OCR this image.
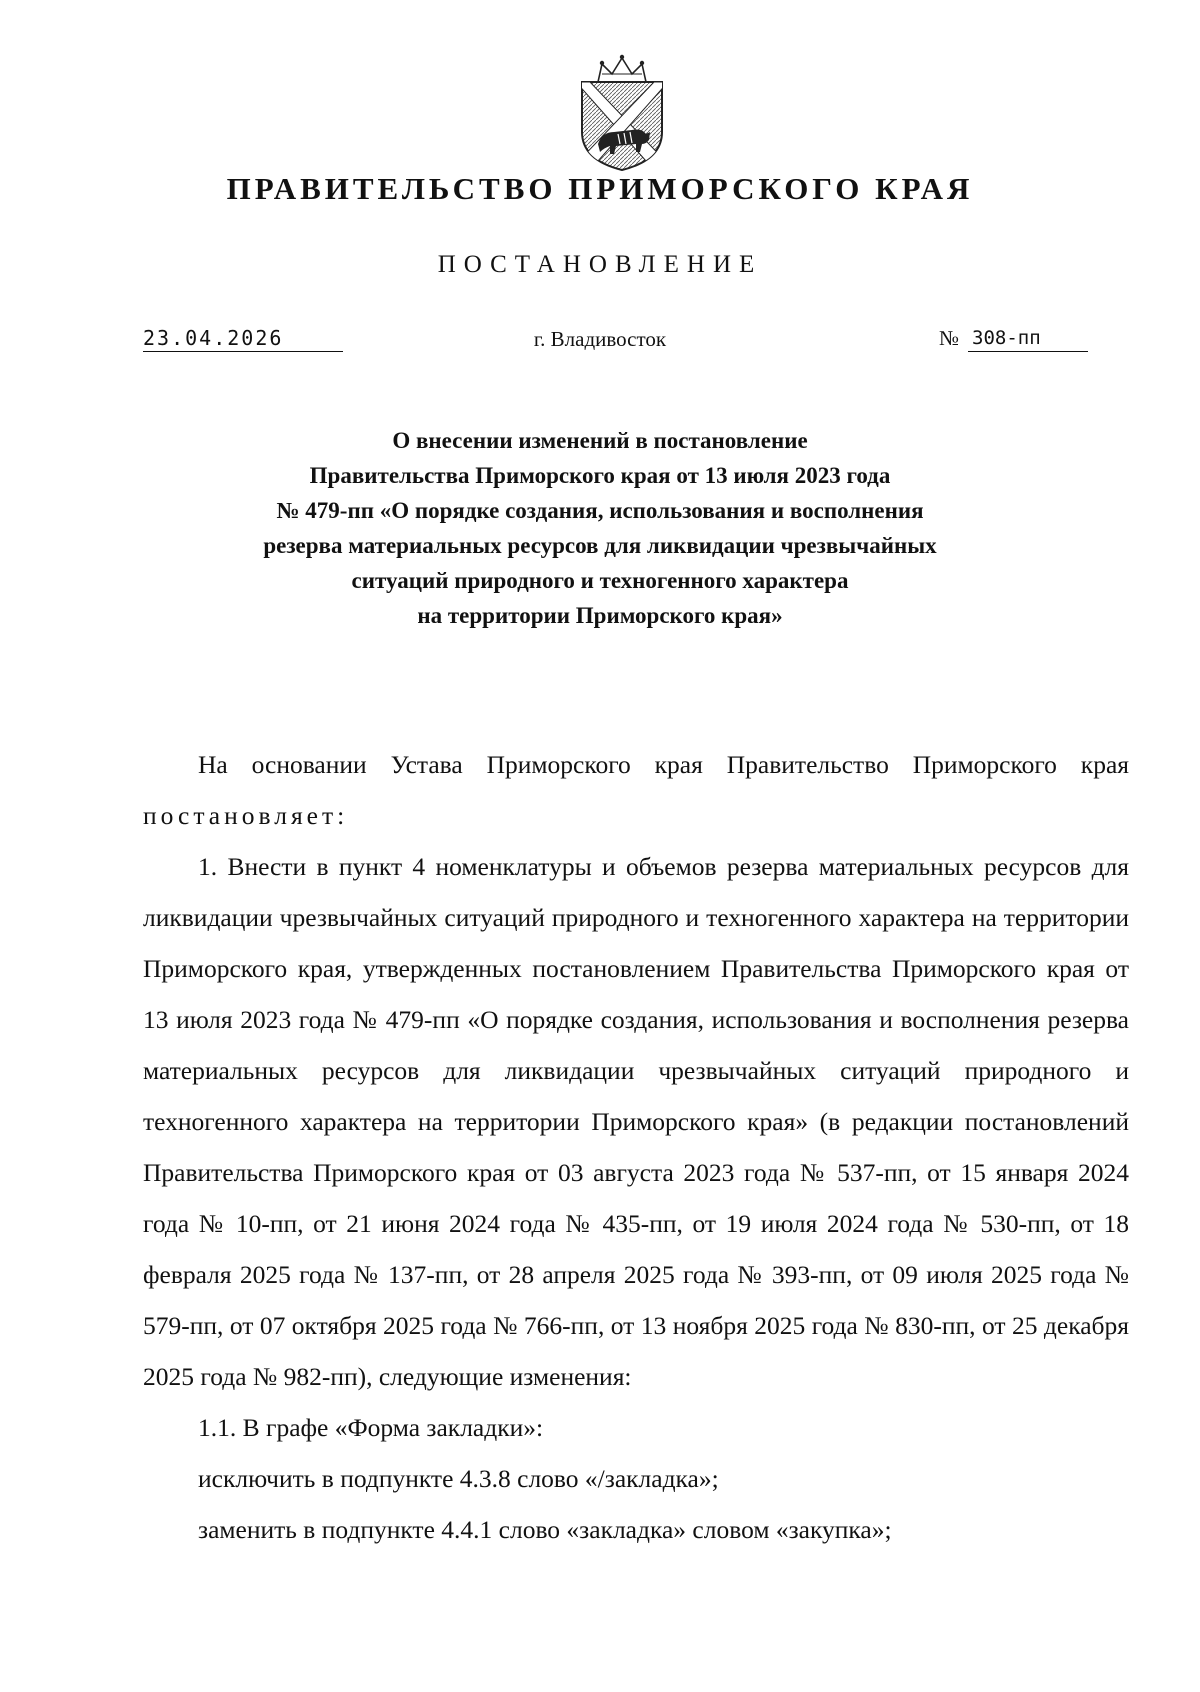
ПРАВИТЕЛЬСТВО ПРИМОРСКОГО КРАЯ
ПОСТАНОВЛЕНИЕ
23.04.2026	г. Владивосток	№ 308-пп
О внесении изменений в постановление
Правительства Приморского края от 13 июля 2023 года
№ 479-пп «О порядке создания, использования и восполнения
резерва материальных ресурсов для ликвидации чрезвычайных
ситуаций природного и техногенного характера
на территории Приморского края»

На основании Устава Приморского края Правительство Приморского края

постановляет:

1. Внести в пункт 4 номенклатуры и объемов резерва материальных ресурсов для ликвидации чрезвычайных ситуаций природного и техногенного характера на территории Приморского края, утвержденных постановлением Правительства Приморского края от 13 июля 2023 года № 479-пп «О порядке создания, использования и восполнения резерва материальных ресурсов для ликвидации чрезвычайных ситуаций природного и техногенного характера на территории Приморского края» (в редакции постановлений Правительства Приморского края от 03 августа 2023 года № 537-пп, от 15 января 2024 года № 10-пп, от 21 июня 2024 года № 435-пп, от 19 июля 2024 года № 530-пп, от 18 февраля 2025 года № 137-пп, от 28 апреля 2025 года № 393-пп, от 09 июля 2025 года № 579-пп, от 07 октября 2025 года № 766-пп, от 13 ноября 2025 года № 830-пп, от 25 декабря 2025 года № 982-пп), следующие изменения:

1.1. В графе «Форма закладки»:

исключить в подпункте 4.3.8 слово «/закладка»;

заменить в подпункте 4.4.1 слово «закладка» словом «закупка»;
